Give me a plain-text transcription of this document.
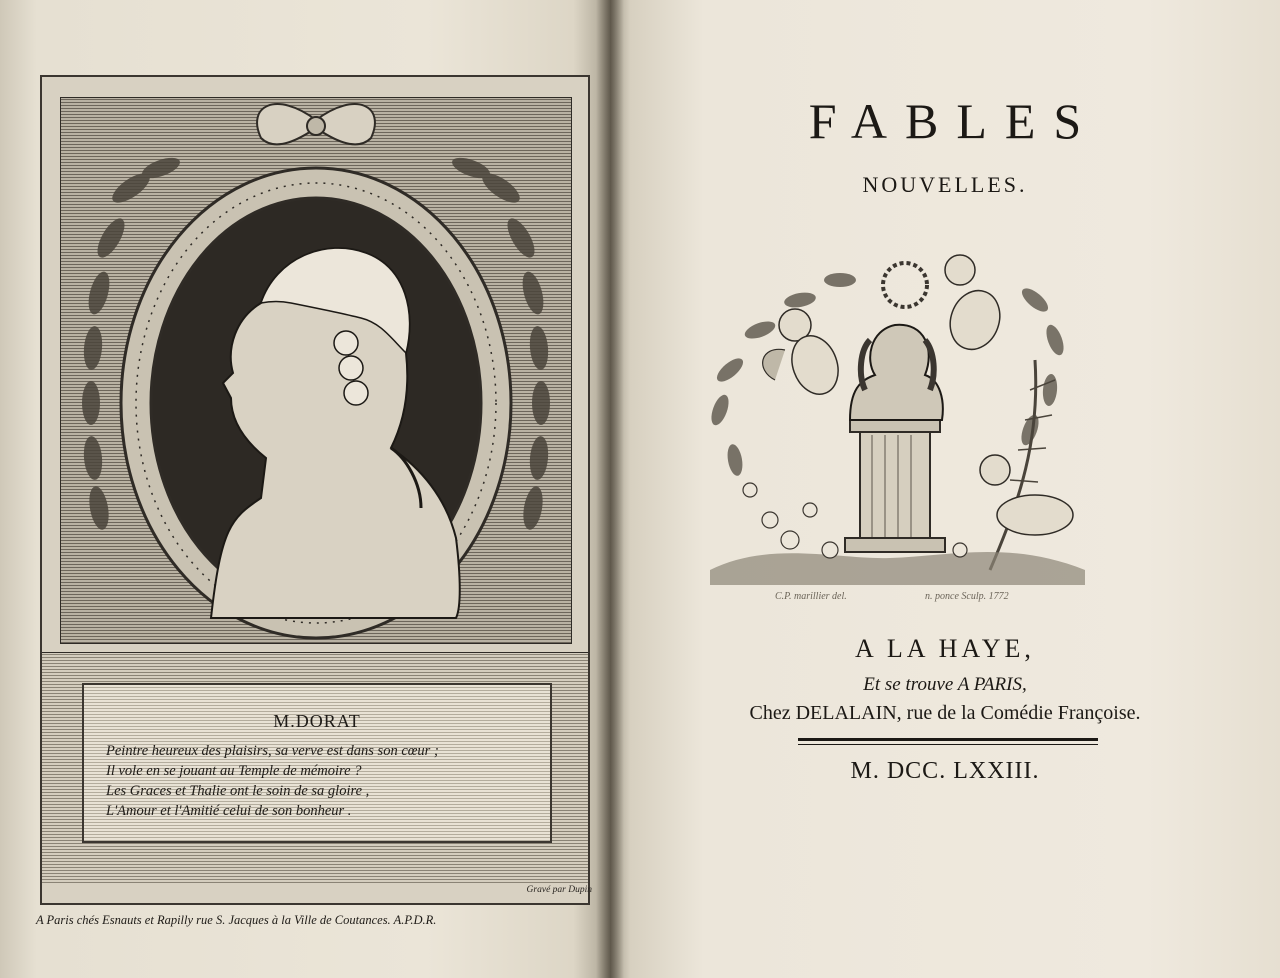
M.DORAT
Peintre heureux des plaisirs, sa verve est dans son cœur ;
Il vole en se jouant au Temple de mémoire ?
Les Graces et Thalie ont le soin de sa gloire ,
L'Amour et l'Amitié celui de son bonheur .
Gravé par Dupin
A Paris chés Esnauts et Rapilly rue S. Jacques à la Ville de Coutances. A.P.D.R.
FABLES
NOUVELLES.
C.P. marillier del.	n. ponce Sculp. 1772
A LA HAYE,
Et se trouve A PARIS,
Chez DELALAIN, rue de la Comédie Françoise.
M. DCC. LXXIII.
